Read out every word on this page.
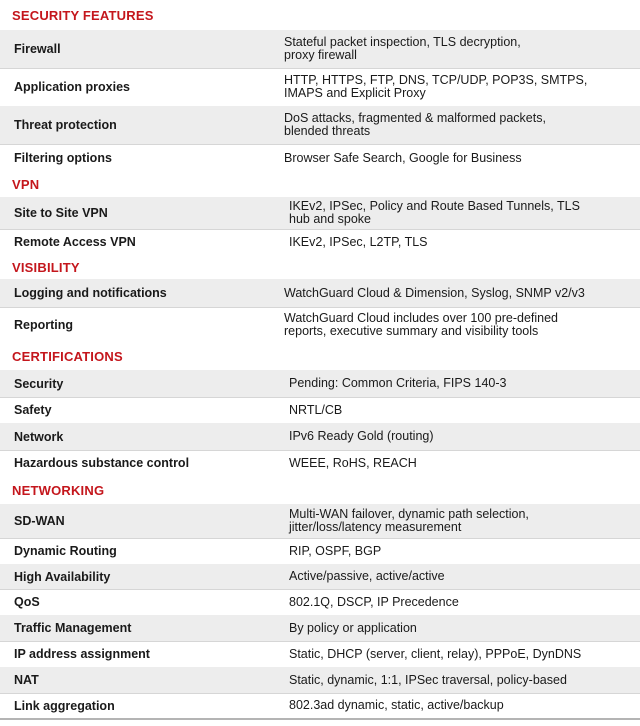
SECURITY FEATURES
Firewall	Stateful packet inspection, TLS decryption,
proxy firewall
Application proxies	HTTP, HTTPS, FTP, DNS, TCP/UDP, POP3S, SMTPS,
IMAPS and Explicit Proxy
Threat protection	DoS attacks, fragmented & malformed packets,
blended threats
Filtering options	Browser Safe Search, Google for Business
VPN
Site to Site VPN	IKEv2, IPSec, Policy and Route Based Tunnels, TLS
hub and spoke
Remote Access VPN	IKEv2, IPSec, L2TP, TLS
VISIBILITY
Logging and notifications	WatchGuard Cloud & Dimension, Syslog, SNMP v2/v3
Reporting	WatchGuard Cloud includes over 100 pre-defined
reports, executive summary and visibility tools
CERTIFICATIONS
Security	Pending: Common Criteria, FIPS 140-3
Safety	NRTL/CB
Network	IPv6 Ready Gold (routing)
Hazardous substance control	WEEE, RoHS, REACH
NETWORKING
SD-WAN	Multi-WAN failover, dynamic path selection,
jitter/loss/latency measurement
Dynamic Routing	RIP, OSPF, BGP
High Availability	Active/passive, active/active
QoS	802.1Q, DSCP, IP Precedence
Traffic Management	By policy or application
IP address assignment	Static, DHCP (server, client, relay), PPPoE, DynDNS
NAT	Static, dynamic, 1:1, IPSec traversal, policy-based
Link aggregation	802.3ad dynamic, static, active/backup
